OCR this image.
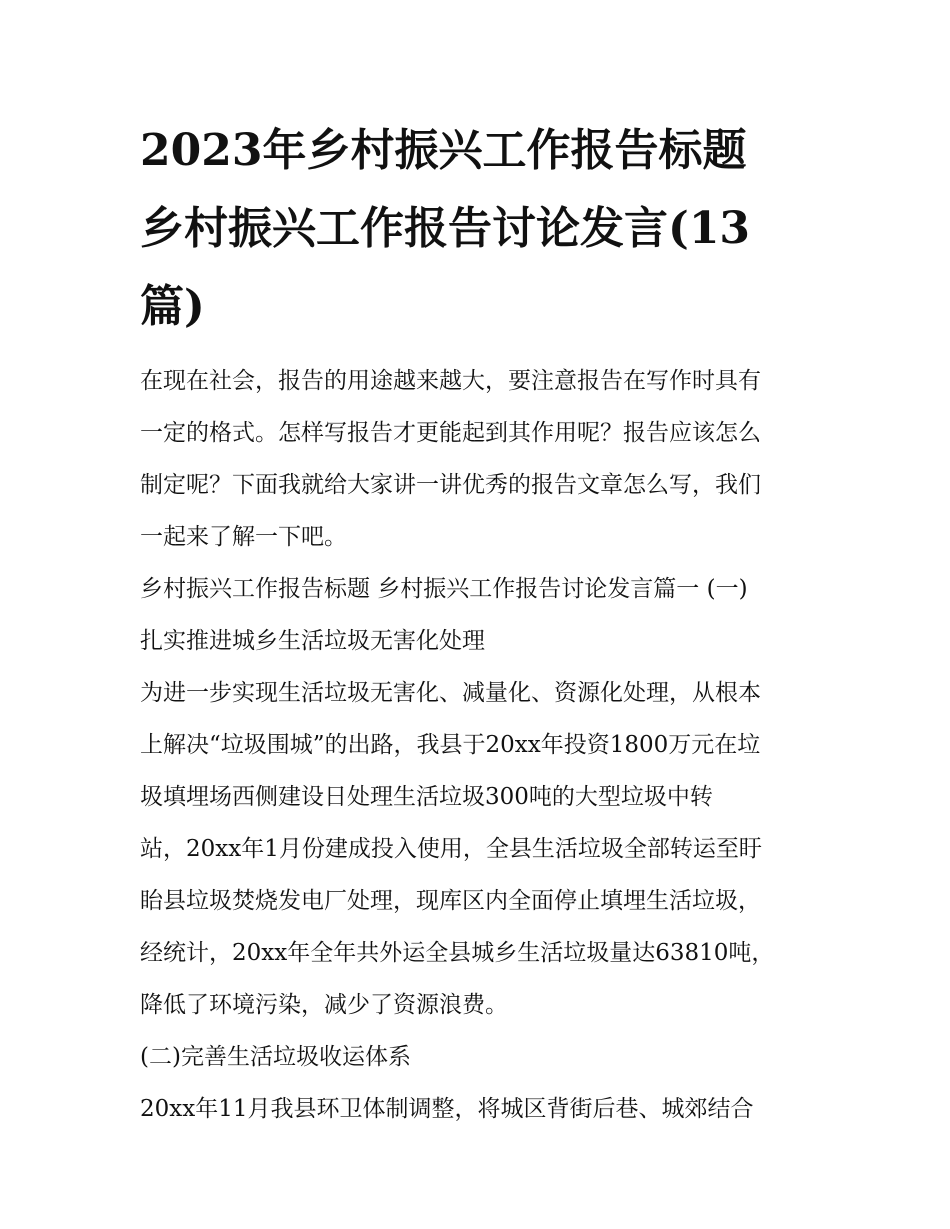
2023年乡村振兴工作报告标题
乡村振兴工作报告讨论发言(13
篇)
在现在社会，报告的用途越来越大，要注意报告在写作时具有
一定的格式。怎样写报告才更能起到其作用呢？报告应该怎么
制定呢？下面我就给大家讲一讲优秀的报告文章怎么写，我们
一起来了解一下吧。
乡村振兴工作报告标题 乡村振兴工作报告讨论发言篇一 (一)
扎实推进城乡生活垃圾无害化处理
为进一步实现生活垃圾无害化、减量化、资源化处理，从根本
上解决“垃圾围城”的出路，我县于20xx年投资1800万元在垃
圾填埋场西侧建设日处理生活垃圾300吨的大型垃圾中转
站，20xx年1月份建成投入使用，全县生活垃圾全部转运至盱
眙县垃圾焚烧发电厂处理，现库区内全面停止填埋生活垃圾，
经统计，20xx年全年共外运全县城乡生活垃圾量达63810吨，
降低了环境污染，减少了资源浪费。
(二)完善生活垃圾收运体系
20xx年11月我县环卫体制调整，将城区背街后巷、城郊结合
